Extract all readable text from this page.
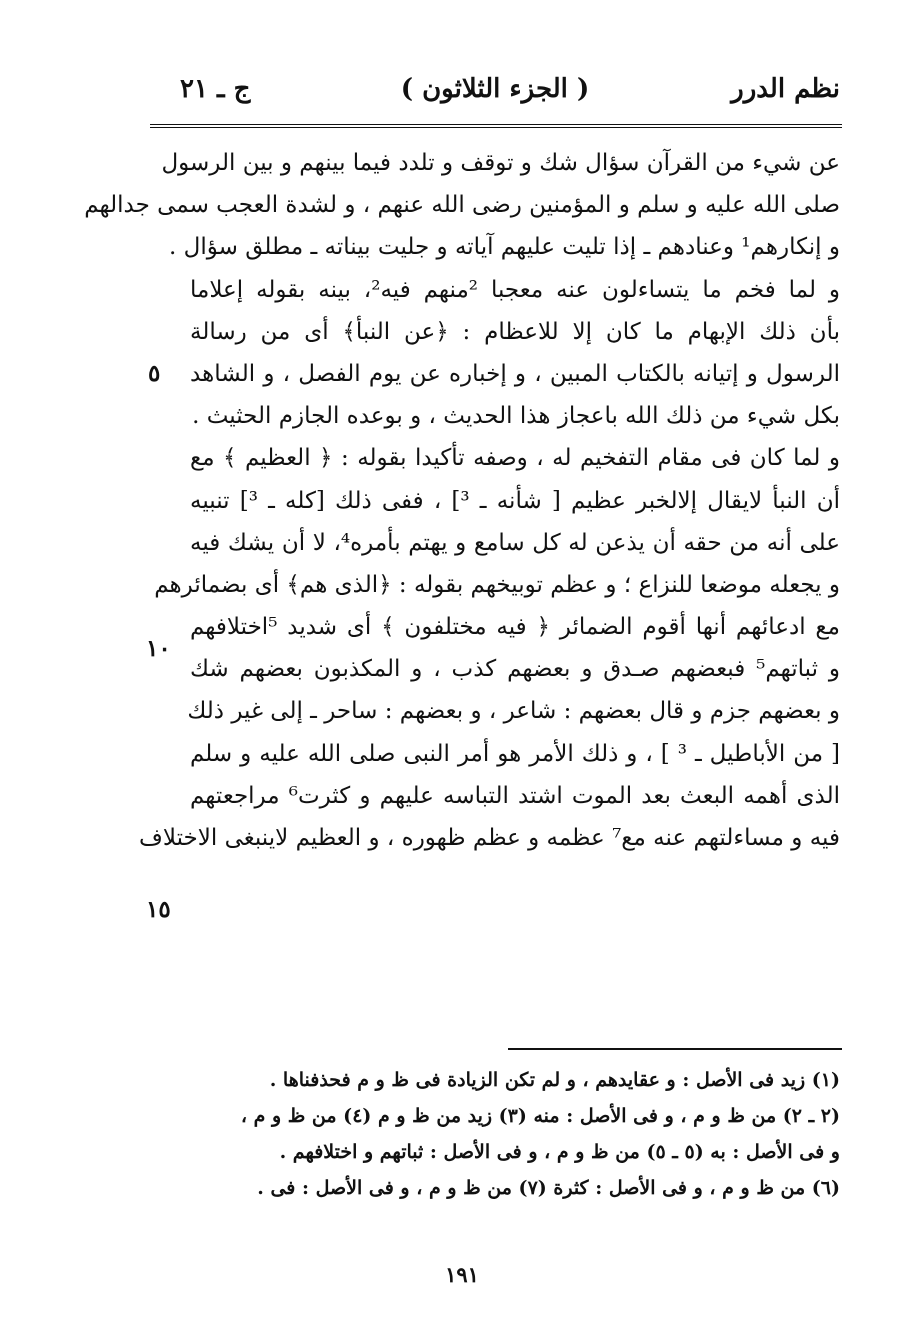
نظم الدرر
( الجزء الثلاثون )
ج ـ ٢١
عن شيء من القرآن سؤال شك و توقف و تلدد فيما بينهم و بين الرسول
صلى الله عليه و سلم و المؤمنين رضى الله عنهم ، و لشدة العجب سمى جدالهم
و إنكارهم¹ وعنادهم ـ إذا تليت عليهم آياته و جليت بيناته ـ مطلق سؤال .
و لما فخم ما يتساءلون عنه معجبا ²منهم فيه²، بينه بقوله إعلاما
بأن ذلك الإبهام ما كان إلا للاعظام : ﴿عن النبأ﴾ أى من رسالة
الرسول و إتيانه بالكتاب المبين ، و إخباره عن يوم الفصل ، و الشاهد
بكل شيء من ذلك الله باعجاز هذا الحديث ، و بوعده الجازم الحثيث .
و لما كان فى مقام التفخيم له ، وصفه تأكيدا بقوله : ﴿ العظيم ﴾ مع
أن النبأ لايقال إلالخبر عظيم [ شأنه ـ ³] ، ففى ذلك [كله ـ ³] تنبيه
على أنه من حقه أن يذعن له كل سامع و يهتم بأمره⁴، لا أن يشك فيه
و يجعله موضعا للنزاع ؛ و عظم توبيخهم بقوله : ﴿الذى هم﴾ أى بضمائرهم
مع ادعائهم أنها أقوم الضمائر ﴿ فيه مختلفون ﴾ أى شديد ⁵اختلافهم
و ثباتهم⁵ فبعضهم صـدق و بعضهم كذب ، و المكذبون بعضهم شك
و بعضهم جزم و قال بعضهم : شاعر ، و بعضهم : ساحر ـ إلى غير ذلك
[ من الأباطيل ـ ³ ] ، و ذلك الأمر هو أمر النبى صلى الله عليه و سلم
الذى أهمه البعث بعد الموت اشتد التباسه عليهم و كثرت⁶ مراجعتهم
فيه و مساءلتهم عنه مع⁷ عظمه و عظم ظهوره ، و العظيم لاينبغى الاختلاف
٥
١٠
١٥
(١) زيد فى الأصل : و عقايدهم ، و لم تكن الزيادة فى ظ و م فحذفناها .
(٢ ـ ٢) من ظ و م ، و فى الأصل : منه (٣) زيد من ظ و م (٤) من ظ و م ،
و فى الأصل : به (٥ ـ ٥) من ظ و م ، و فى الأصل : ثباتهم و اختلافهم .
(٦) من ظ و م ، و فى الأصل : كثرة (٧) من ظ و م ، و فى الأصل : فى .
١٩١
